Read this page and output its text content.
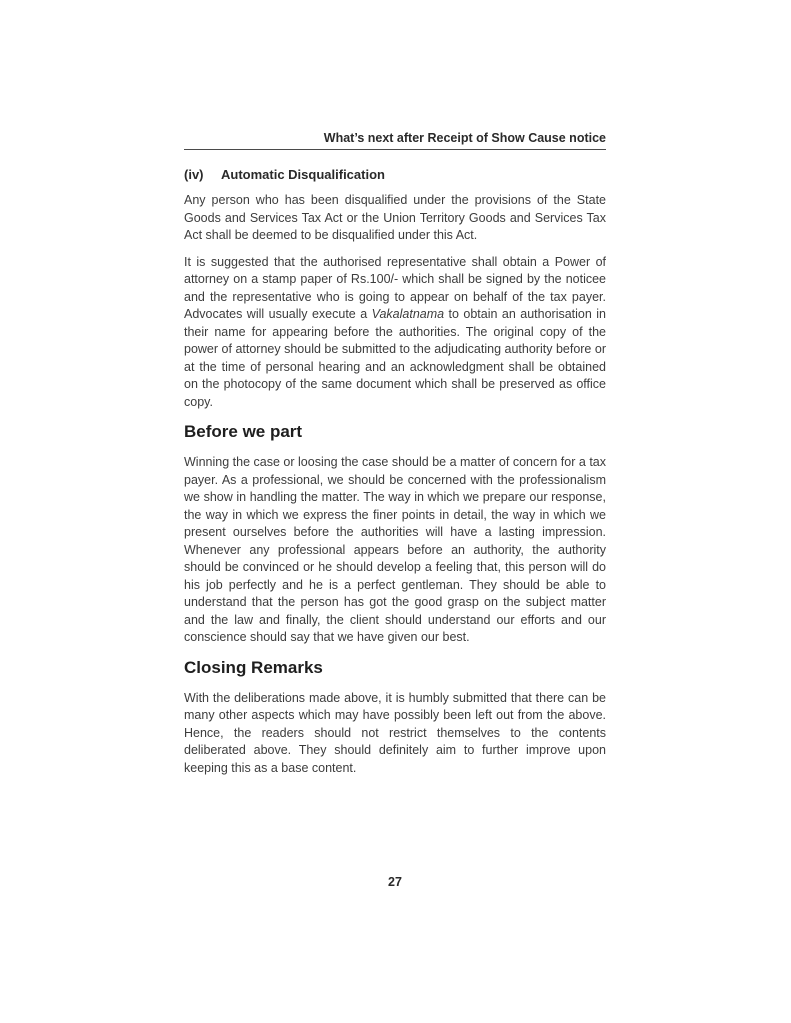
What’s next after Receipt of Show Cause notice
(iv)	Automatic Disqualification

Any person who has been disqualified under the provisions of the State Goods and Services Tax Act or the Union Territory Goods and Services Tax Act shall be deemed to be disqualified under this Act.

It is suggested that the authorised representative shall obtain a Power of attorney on a stamp paper of Rs.100/- which shall be signed by the noticee and the representative who is going to appear on behalf of the tax payer. Advocates will usually execute a Vakalatnama to obtain an authorisation in their name for appearing before the authorities. The original copy of the power of attorney should be submitted to the adjudicating authority before or at the time of personal hearing and an acknowledgment shall be obtained on the photocopy of the same document which shall be preserved as office copy.

Before we part

Winning the case or loosing the case should be a matter of concern for a tax payer. As a professional, we should be concerned with the professionalism we show in handling the matter. The way in which we prepare our response, the way in which we express the finer points in detail, the way in which we present ourselves before the authorities will have a lasting impression. Whenever any professional appears before an authority, the authority should be convinced or he should develop a feeling that, this person will do his job perfectly and he is a perfect gentleman. They should be able to understand that the person has got the good grasp on the subject matter and the law and finally, the client should understand our efforts and our conscience should say that we have given our best.

Closing Remarks

With the deliberations made above, it is humbly submitted that there can be many other aspects which may have possibly been left out from the above. Hence, the readers should not restrict themselves to the contents deliberated above. They should definitely aim to further improve upon keeping this as a base content.

27
